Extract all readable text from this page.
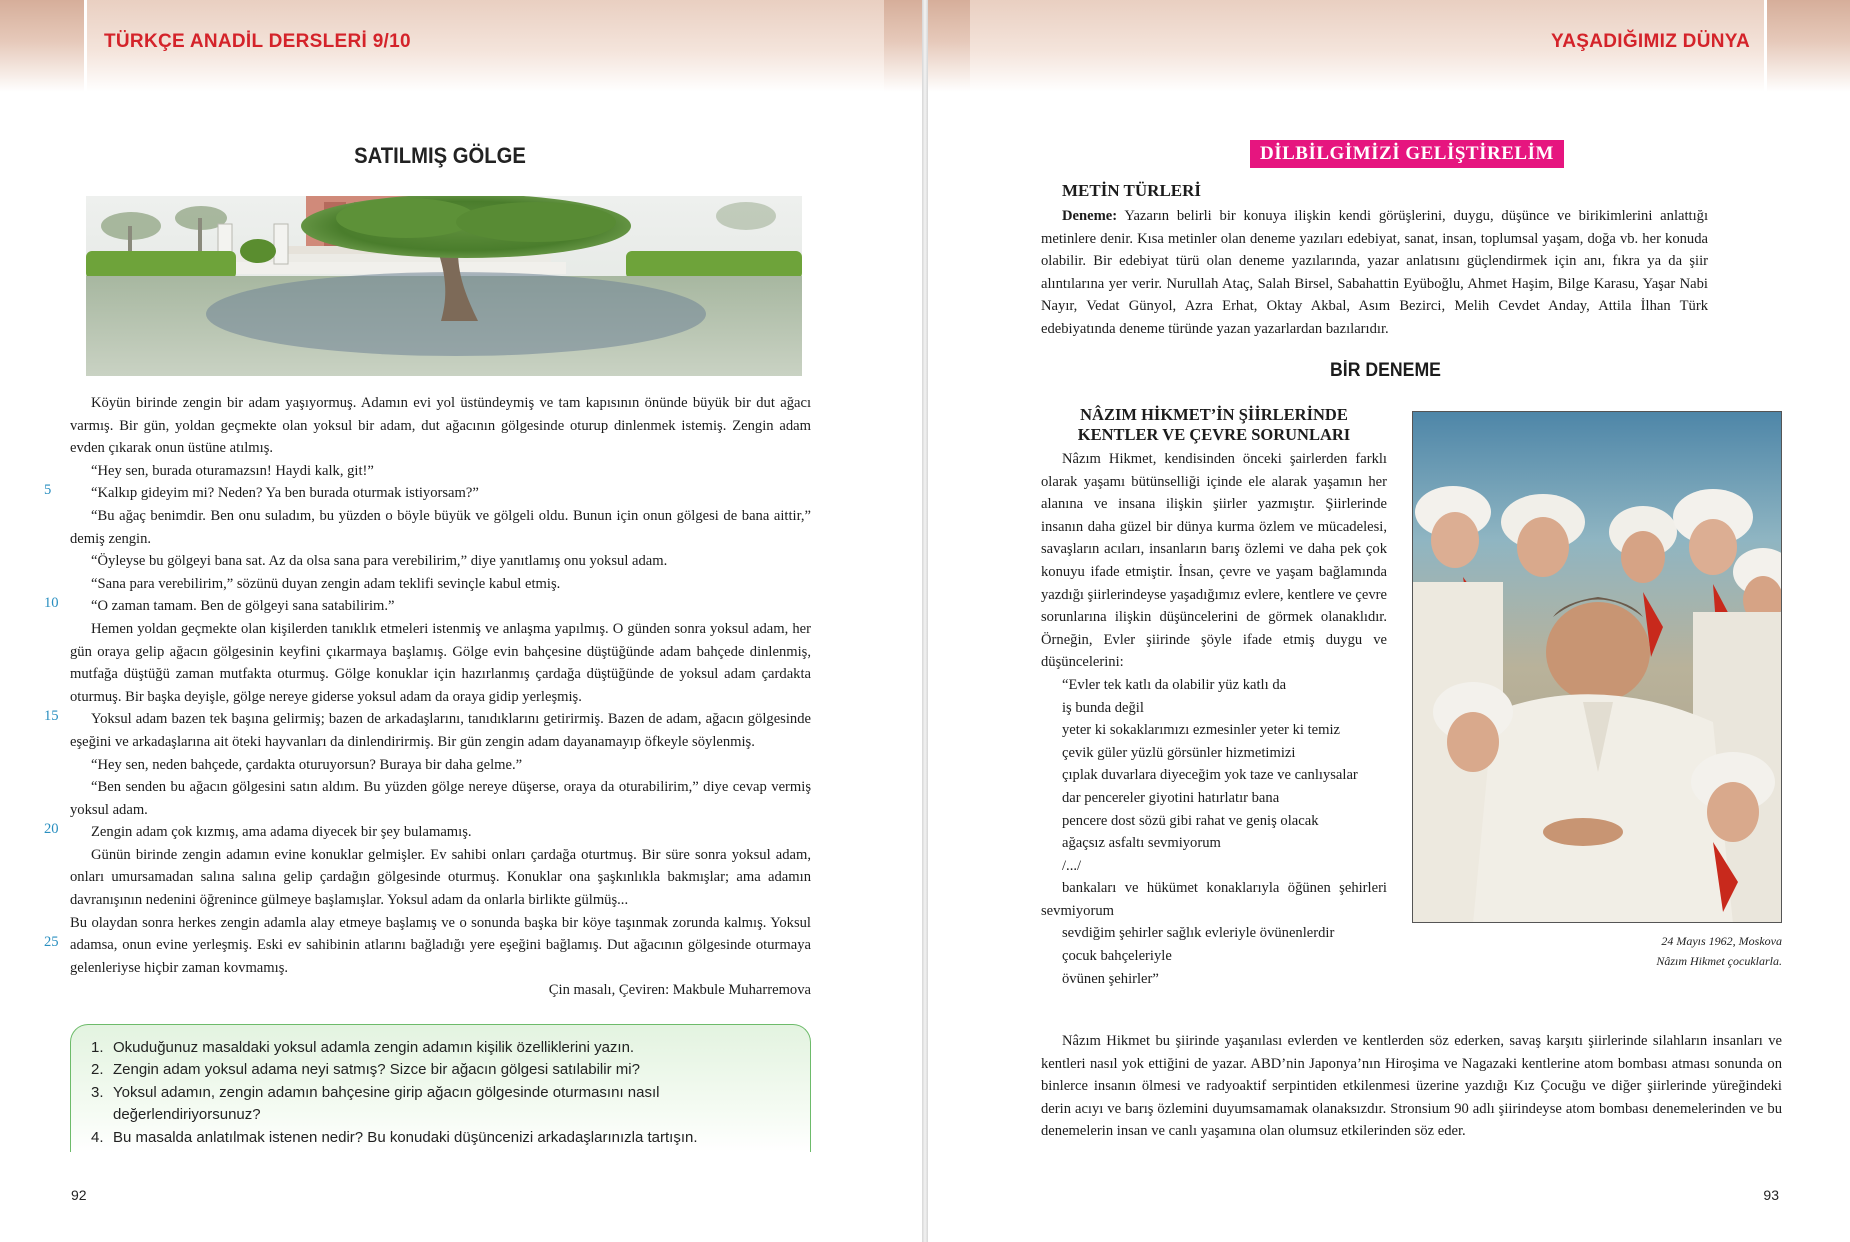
TÜRKÇE ANADİL DERSLERİ 9/10
SATILMIŞ GÖLGE
5
10
15
20
25

Köyün birinde zengin bir adam yaşıyormuş. Adamın evi yol üstündeymiş ve tam kapısının önünde büyük bir dut ağacı varmış. Bir gün, yoldan geçmekte olan yoksul bir adam, dut ağacının gölgesinde oturup dinlenmek istemiş. Zengin adam evden çıkarak onun üstüne atılmış.

“Hey sen, burada oturamazsın! Haydi kalk, git!”

“Kalkıp gideyim mi? Neden? Ya ben burada oturmak istiyorsam?”

“Bu ağaç benimdir. Ben onu suladım, bu yüzden o böyle büyük ve gölgeli oldu. Bunun için onun gölgesi de bana aittir,” demiş zengin.

“Öyleyse bu gölgeyi bana sat. Az da olsa sana para verebilirim,” diye yanıtlamış onu yoksul adam.

“Sana para verebilirim,” sözünü duyan zengin adam teklifi sevinçle kabul etmiş.

“O zaman tamam. Ben de gölgeyi sana satabilirim.”

Hemen yoldan geçmekte olan kişilerden tanıklık etmeleri istenmiş ve anlaşma yapılmış. O günden sonra yoksul adam, her gün oraya gelip ağacın gölgesinin keyfini çıkarmaya başlamış. Gölge evin bahçesine düştüğünde adam bahçede dinlenmiş, mutfağa düştüğü zaman mutfakta oturmuş. Gölge konuklar için hazırlanmış çardağa düştüğünde de yoksul adam çardakta oturmuş. Bir başka deyişle, gölge nereye giderse yoksul adam da oraya gidip yerleşmiş.

Yoksul adam bazen tek başına gelirmiş; bazen de arkadaşlarını, tanıdıklarını getirirmiş. Bazen de adam, ağacın gölgesinde eşeğini ve arkadaşlarına ait öteki hayvanları da dinlendirirmiş. Bir gün zengin adam dayanamayıp öfkeyle söylenmiş.

“Hey sen, neden bahçede, çardakta oturuyorsun? Buraya bir daha gelme.”

“Ben senden bu ağacın gölgesini satın aldım. Bu yüzden gölge nereye düşerse, oraya da oturabilirim,” diye cevap vermiş yoksul adam.

Zengin adam çok kızmış, ama adama diyecek bir şey bulamamış.

Günün birinde zengin adamın evine konuklar gelmişler. Ev sahibi onları çardağa oturtmuş. Bir süre sonra yoksul adam, onları umursamadan salına salına gelip çardağın gölgesinde oturmuş. Konuklar ona şaşkınlıkla bakmışlar; ama adamın davranışının nedenini öğrenince gülmeye başlamışlar. Yoksul adam da onlarla birlikte gülmüş...

Bu olaydan sonra herkes zengin adamla alay etmeye başlamış ve o sonunda başka bir köye taşınmak zorunda kalmış. Yoksul adamsa, onun evine yerleşmiş. Eski ev sahibinin atlarını bağladığı yere eşeğini bağlamış. Dut ağacının gölgesinde oturmaya gelenleriyse hiçbir zaman kovmamış.

Çin masalı, Çeviren: Makbule Muharremova

1. Okuduğunuz masaldaki yoksul adamla zengin adamın kişilik özelliklerini yazın.
2. Zengin adam yoksul adama neyi satmış? Sizce bir ağacın gölgesi satılabilir mi?
3. Yoksul adamın, zengin adamın bahçesine girip ağacın gölgesinde oturmasını nasıl değerlendiriyorsunuz?
4. Bu masalda anlatılmak istenen nedir? Bu konudaki düşüncenizi arkadaşlarınızla tartışın.
92
YAŞADIĞIMIZ DÜNYA
DİLBİLGİMİZİ GELİŞTİRELİM
METİN TÜRLERİ

Deneme: Yazarın belirli bir konuya ilişkin kendi görüşlerini, duygu, düşünce ve birikimlerini anlattığı metinlere denir. Kısa metinler olan deneme yazıları edebiyat, sanat, insan, toplumsal yaşam, doğa vb. her konuda olabilir. Bir edebiyat türü olan deneme yazılarında, yazar anlatısını güçlendirmek için anı, fıkra ya da şiir alıntılarına yer verir. Nurullah Ataç, Salah Birsel, Sabahattin Eyüboğlu, Ahmet Haşim, Bilge Karasu, Yaşar Nabi Nayır, Vedat Günyol, Azra Erhat, Oktay Akbal, Asım Bezirci, Melih Cevdet Anday, Attila İlhan Türk edebiyatında deneme türünde yazan yazarlardan bazılarıdır.

BİR DENEME
NÂZIM HİKMET’İN ŞİİRLERİNDE
KENTLER VE ÇEVRE SORUNLARI

Nâzım Hikmet, kendisinden önceki şairlerden farklı olarak yaşamı bütünselliği içinde ele alarak yaşamın her alanına ve insana ilişkin şiirler yazmıştır. Şiirlerinde insanın daha güzel bir dünya kurma özlem ve mücadelesi, savaşların acıları, insanların barış özlemi ve daha pek çok konuyu ifade etmiştir. İnsan, çevre ve yaşam bağlamında yazdığı şiirlerindeyse yaşadığımız evlere, kentlere ve çevre sorunlarına ilişkin düşüncelerini de görmek olanaklıdır. Örneğin, Evler şiirinde şöyle ifade etmiş duygu ve düşüncelerini:

“Evler tek katlı da olabilir yüz katlı da
iş bunda değil
yeter ki sokaklarımızı ezmesinler yeter ki temiz
çevik güler yüzlü görsünler hizmetimizi
çıplak duvarlara diyeceğim yok taze ve canlıysalar
dar pencereler giyotini hatırlatır bana
pencere dost sözü gibi rahat ve geniş olacak
ağaçsız asfaltı sevmiyorum
/.../
bankaları ve hükümet konaklarıyla öğünen şehirleri sevmiyorum
sevdiğim şehirler sağlık evleriyle övünenlerdir
çocuk bahçeleriyle
övünen şehirler”
24 Mayıs 1962, Moskova
Nâzım Hikmet çocuklarla.

Nâzım Hikmet bu şiirinde yaşanılası evlerden ve kentlerden söz ederken, savaş karşıtı şiirlerinde silahların insanları ve kentleri nasıl yok ettiğini de yazar. ABD’nin Japonya’nın Hiroşima ve Nagazaki kentlerine atom bombası atması sonunda on binlerce insanın ölmesi ve radyoaktif serpintiden etkilenmesi üzerine yazdığı Kız Çocuğu ve diğer şiirlerinde yüreğindeki derin acıyı ve barış özlemini duyumsamamak olanaksızdır. Stronsium 90 adlı şiirindeyse atom bombası denemelerinden ve bu denemelerin insan ve canlı yaşamına olan olumsuz etkilerinden söz eder.

93
